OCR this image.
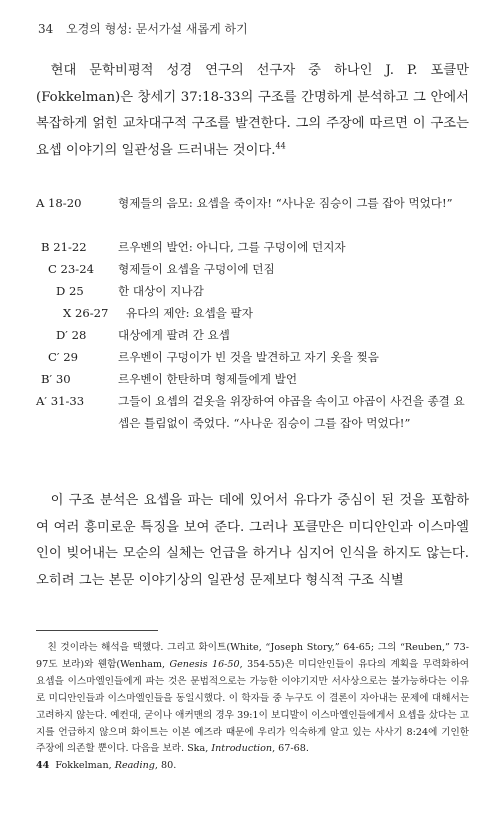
34 오경의 형성: 문서가설 새롭게 하기

현대 문학비평적 성경 연구의 선구자 중 하나인 J. P. 포클만(Fokkelman)은 창세기 37:18-33의 구조를 간명하게 분석하고 그 안에서 복잡하게 얽힌 교차대구적 구조를 발견한다. 그의 주장에 따르면 이 구조는 요셉 이야기의 일관성을 드러내는 것이다.$^{44}$

A 18-20	형제들의 음모: 요셉을 죽이자! “사나운 짐승이 그를 잡아 먹었다!”
B 21-22	르우벤의 발언: 아니다, 그를 구덩이에 던지자
C 23-24 형제들이 요셉을 구덩이에 던짐
D 25	한 대상이 지나감
X 26-27 유다의 제안: 요셉을 팔자
D′ 28	대상에게 팔려 간 요셉
C′ 29	르우벤이 구덩이가 빈 것을 발견하고 자기 옷을 찢음
B′ 30	르우벤이 한탄하며 형제들에게 발언
A′ 31-33	그들이 요셉의 겉옷을 위장하여 야곱을 속이고 야곱이 사건을 종결 요셉은 틀림없이 죽었다. “사나운 짐승이 그를 잡아 먹었다!”

이 구조 분석은 요셉을 파는 데에 있어서 유다가 중심이 된 것을 포함하여 여러 흥미로운 특징을 보여 준다. 그러나 포클만은 미디안인과 이스마엘인이 빚어내는 모순의 실체는 언급을 하거나 심지어 인식을 하지도 않는다. 오히려 그는 본문 이야기상의 일관성 문제보다 형식적 구조 식별

친 것이라는 해석을 택했다. 그리고 화이트(White, “Joseph Story,” 64-65; 그의 “Reuben,” 73-97도 보라)와 웬함(Wenham, Genesis 16-50, 354-55)은 미디안인들이 유다의 계획을 무력화하여 요셉을 이스마엘인들에게 파는 것은 문법적으로는 가능한 이야기지만 서사상으로는 불가능하다는 이유로 미디안인들과 이스마엘인들을 동일시했다. 이 학자들 중 누구도 이 결론이 자아내는 문제에 대해서는 고려하지 않는다. 예컨대, 굳이나 애커맨의 경우 39:1이 보디발이 이스마엘인들에게서 요셉을 샀다는 고지를 언급하지 않으며 화이트는 이본 예즈라 때문에 우리가 익숙하게 알고 있는 사사기 8:24에 기인한 주장에 의존할 뿐이다. 다음을 보라. Ska, Introduction, 67-68.

44 Fokkelman, Reading, 80.
